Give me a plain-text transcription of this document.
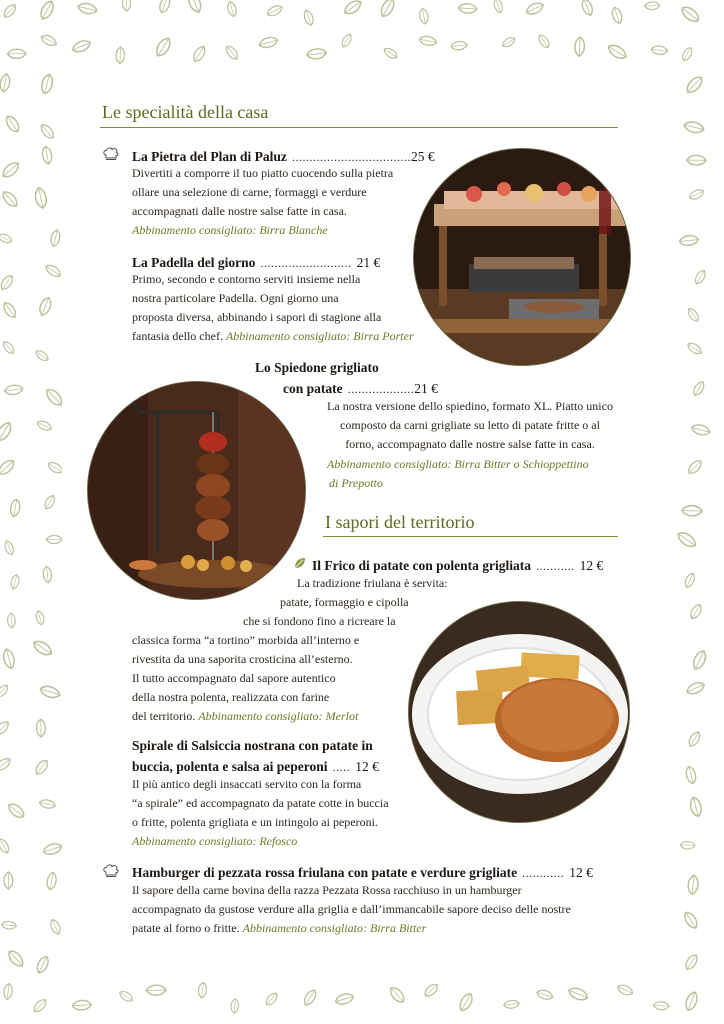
Le specialità della casa
La Pietra del Plan di Paluz ..................................25 €
Divertiti a comporre il tuo piatto cuocendo sulla pietra
ollare una selezione di carne, formaggi e verdure
accompagnati dalle nostre salse fatte in casa.
Abbinamento consigliato: Birra Blanche
La Padella del giorno .......................... 21 €
Primo, secondo e contorno serviti insieme nella
nostra particolare Padella. Ogni giorno una
proposta diversa, abbinando i sapori di stagione alla
fantasia dello chef. Abbinamento consigliato: Birra Porter
Lo Spiedone grigliato
con patate ...................21 €
La nostra versione dello spiedino, formato XL. Piatto unico
composto da carni grigliate su letto di patate fritte o al
forno, accompagnato dalle nostre salse fatte in casa.
Abbinamento consigliato: Birra Bitter o Schioppettino
di Prepotto
I sapori del territorio
Il Frico di patate con polenta grigliata ........... 12 €
La tradizione friulana è servita:
patate, formaggio e cipolla
che si fondono fino a ricreare la
classica forma “a tortino” morbida all’interno e
rivestita da una saporita crosticina all’esterno.
Il tutto accompagnato dal sapore autentico
della nostra polenta, realizzata con farine
del territorio. Abbinamento consigliato: Merlot
Spirale di Salsiccia nostrana con patate in
buccia, polenta e salsa ai peperoni ..... 12 €
Il più antico degli insaccati servito con la forma
“a spirale” ed accompagnato da patate cotte in buccia
o fritte, polenta grigliata e un intingolo ai peperoni.
Abbinamento consigliato: Refosco
Hamburger di pezzata rossa friulana con patate e verdure grigliate ............ 12 €
Il sapore della carne bovina della razza Pezzata Rossa racchiuso in un hamburger
accompagnato da gustose verdure alla griglia e dall’immancabile sapore deciso delle nostre
patate al forno o fritte. Abbinamento consigliato: Birra Bitter
